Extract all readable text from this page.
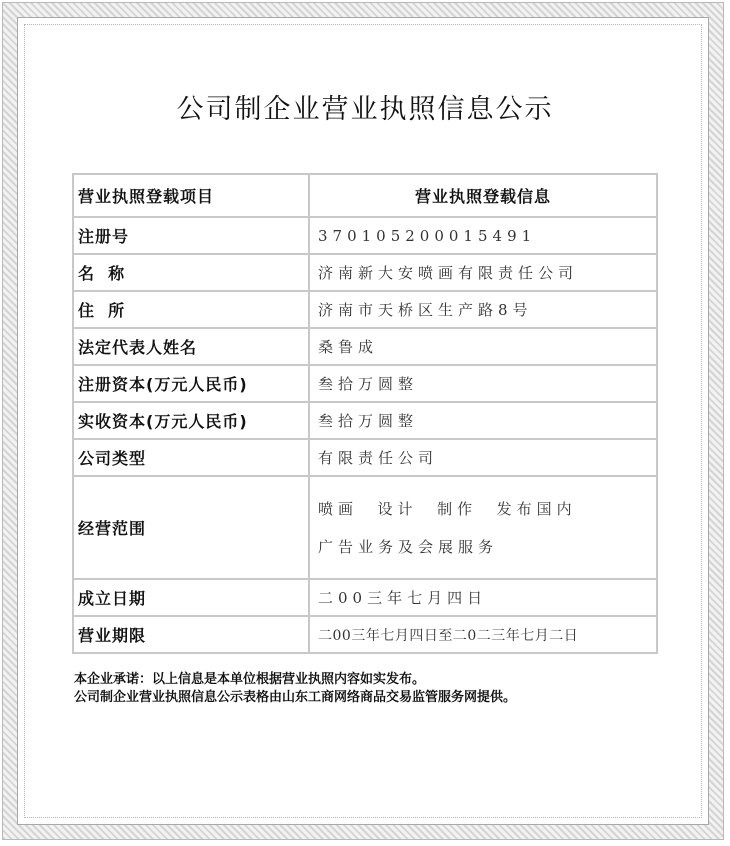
公司制企业营业执照信息公示
营业执照登载项目	营业执照登载信息
注册号	370105200015491
名  称	济南新大安喷画有限责任公司
住  所	济南市天桥区生产路8号
法定代表人姓名	桑鲁成
注册资本(万元人民币)	叁拾万圆整
实收资本(万元人民币)	叁拾万圆整
公司类型	有限责任公司
经营范围	喷画  设计  制作  发布国内
广告业务及会展服务

成立日期	二00三年七月四日
营业期限	二00三年七月四日至二0二三年七月二日
本企业承诺：以上信息是本单位根据营业执照内容如实发布。
公司制企业营业执照信息公示表格由山东工商网络商品交易监管服务网提供。
